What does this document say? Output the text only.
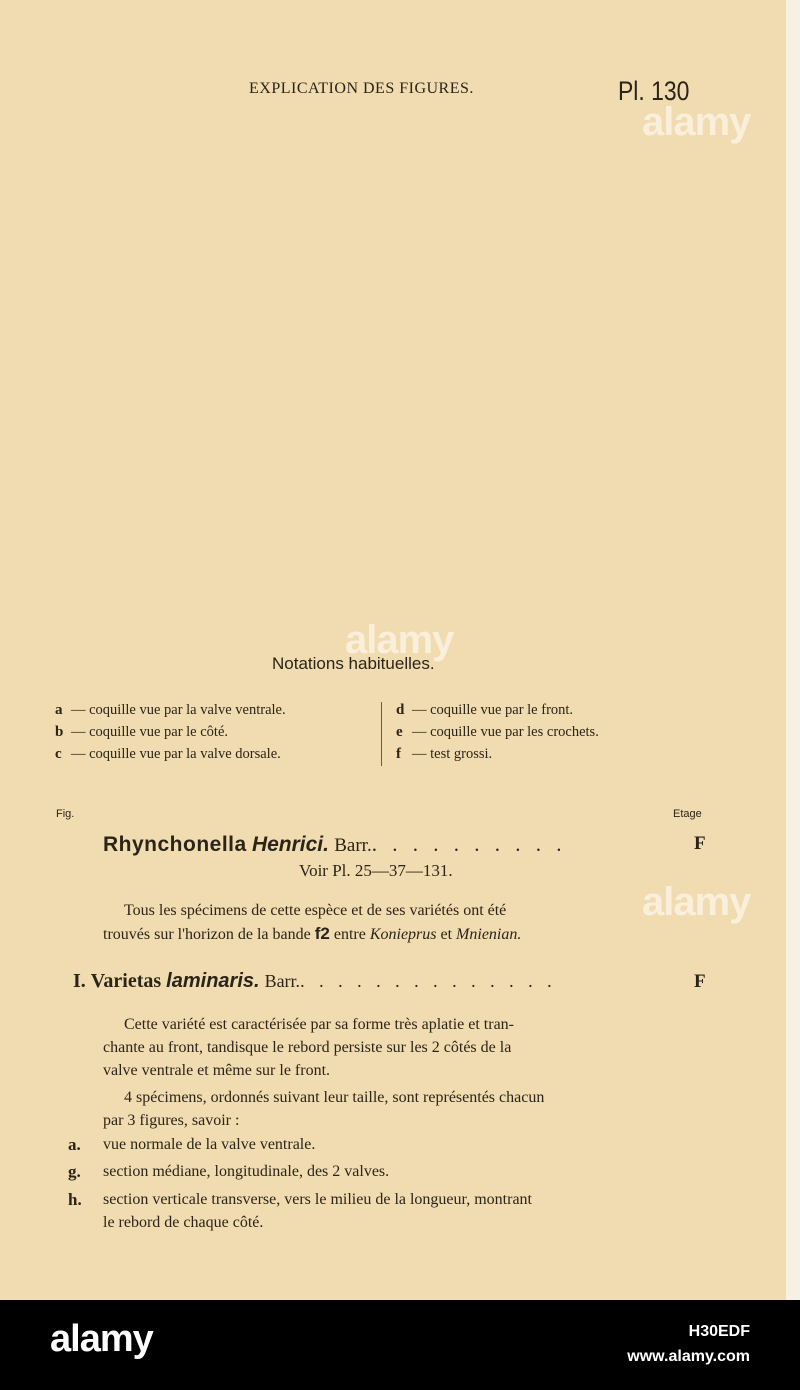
alamy
alamy
alamy
EXPLICATION DES FIGURES.	Pl. 130
Notations habituelles.
a — coquille vue par la valve ventrale.
b — coquille vue par le côté.
c — coquille vue par la valve dorsale.
d — coquille vue par le front.
e — coquille vue par les crochets.
f — test grossi.
Fig.	Etage
Rhynchonella Henrici. Barr.. . . . . . . . . .	F
Voir Pl. 25—37—131.
Tous les spécimens de cette espèce et de ses variétés ont été
trouvés sur l'horizon de la bande f2 entre Konieprus et Mnienian.
I. Varietas laminaris. Barr.. . . . . . . . . . . . . .	F
Cette variété est caractérisée par sa forme très aplatie et tran-
chante au front, tandisque le rebord persiste sur les 2 côtés de la
valve ventrale et même sur le front.
4 spécimens, ordonnés suivant leur taille, sont représentés chacun
par 3 figures, savoir :
a. vue normale de la valve ventrale.
g. section médiane, longitudinale, des 2 valves.
h. section verticale transverse, vers le milieu de la longueur, montrant
le rebord de chaque côté.
alamy	H30EDF
www.alamy.com
